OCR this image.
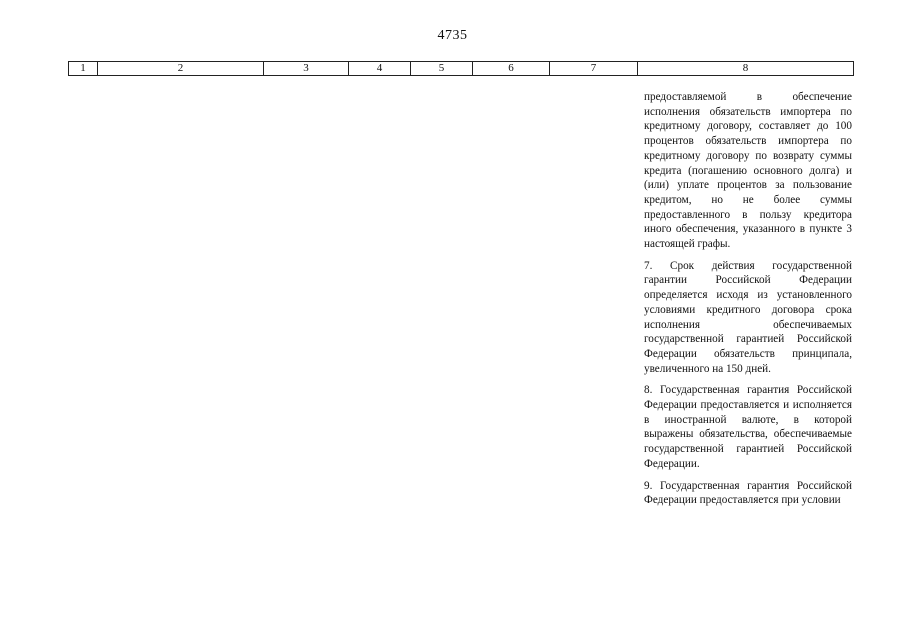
4735
1	2	3	4	5	6	7	8

предоставляемой в обеспечение исполнения обязательств импортера по кредитному договору, составляет до 100 процентов обязательств импортера по кредитному договору по возврату суммы кредита (погашению основного долга) и (или) уплате процентов за пользование кредитом, но не более суммы предоставленного в пользу кредитора иного обеспечения, указанного в пункте 3 настоящей графы.

7. Срок действия государственной гарантии Российской Федерации определяется исходя из установленного условиями кредитного договора срока исполнения обеспечиваемых государственной гарантией Российской Федерации обязательств принципала, увеличенного на 150 дней.

8. Государственная гарантия Российской Федерации предоставляется и исполняется в иностранной валюте, в которой выражены обязательства, обеспечиваемые государственной гарантией Российской Федерации.

9. Государственная гарантия Российской Федерации предоставляется при условии
